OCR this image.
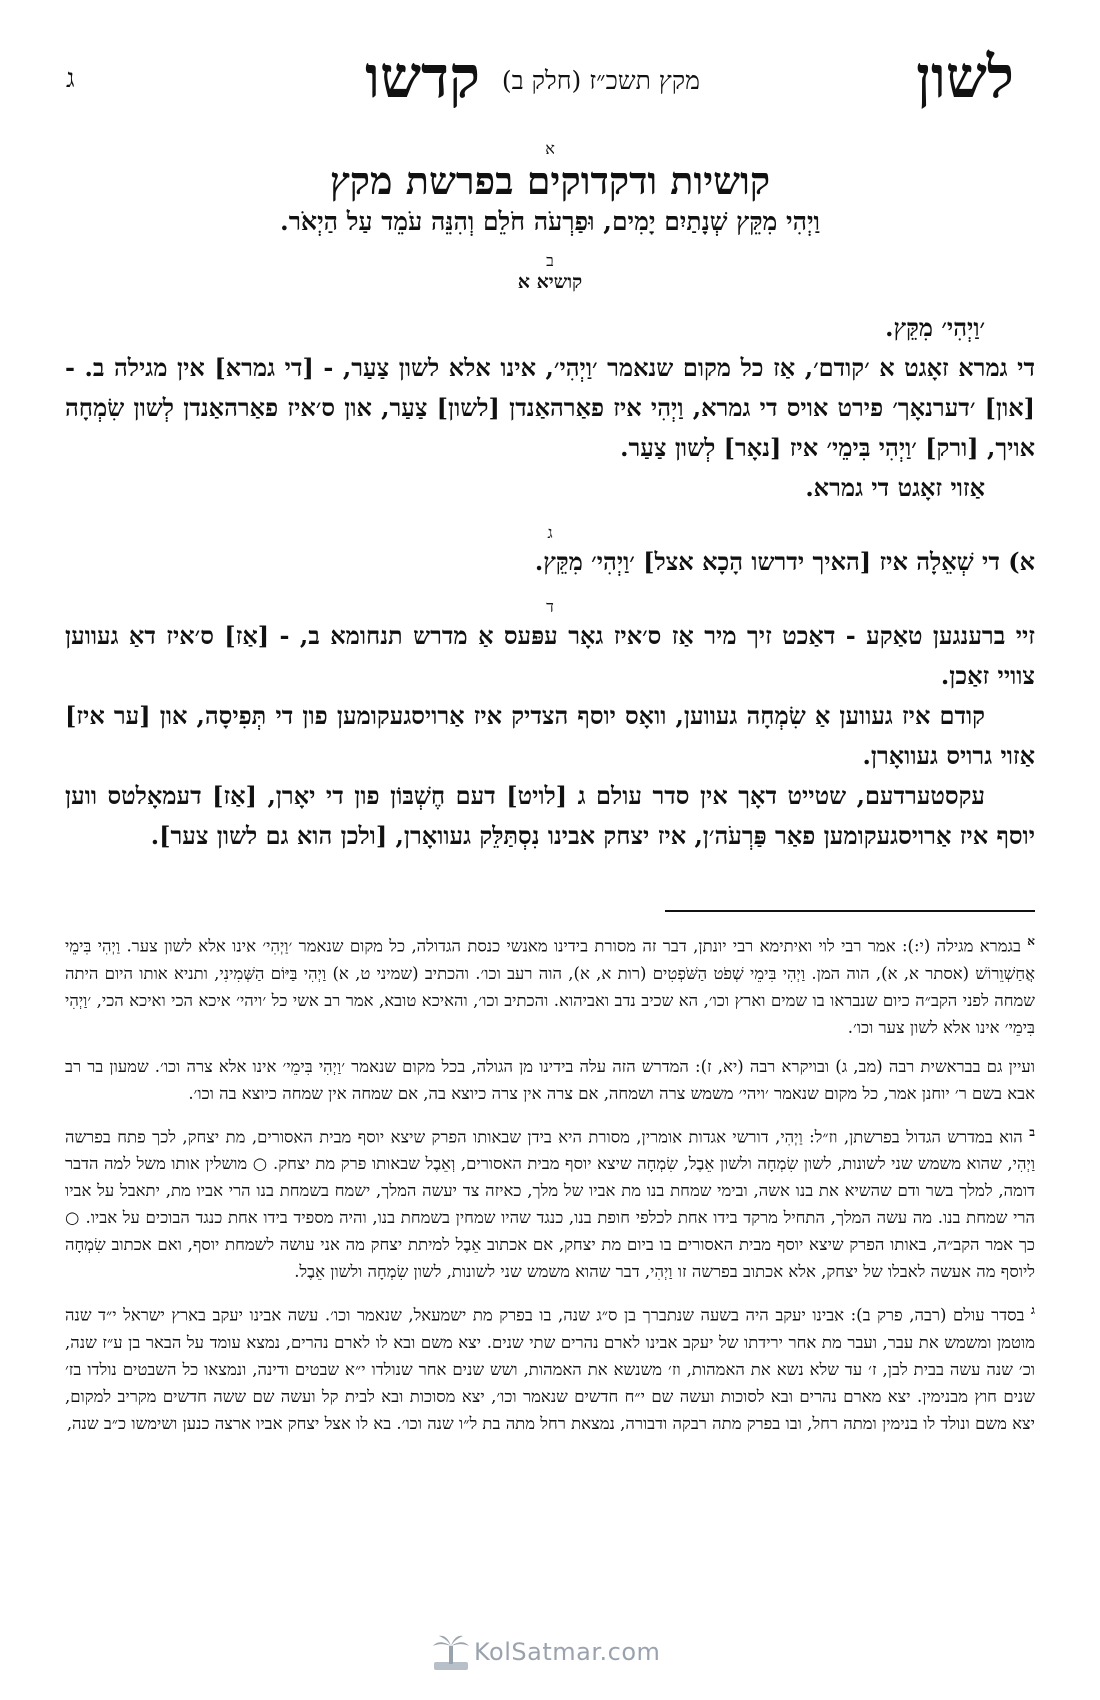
לשון
מקץ תשכ״ז (חלק ב)
קדשו
ג

א

קושיות ודקדוקים בפרשת מקץ

וַיְהִי מִקֵּץ שְׁנָתַיִם יָמִים, וּפַרְעֹה חֹלֵם וְהִנֵּה עֹמֵד עַל הַיְאֹר.

ב

קושיא א

׳וַיְהִי׳ מִקֵּץ.

די גמרא זאָגט א ׳קודם׳, אַז כל מקום שנאמר ׳וַיְהִי׳, אינו אלא לשון צַעַר, - [די גמרא] אין מגילה ב. - [און] ׳דערנאָך׳ פירט אויס די גמרא, וַיְהִי איז פאַרהאַנדן [לשון] צַעַר, און ס׳איז פאַרהאַנדן לְשון שִׂמְחָה אויך, [ורק] ׳וַיְהִי בִּימֵי׳ איז [נאָר] לְשון צַעַר.

אַזוי זאָגט די גמרא.

ג

א) די שְׁאֵלָה איז [האיך ידרשו הָכָא אצל] ׳וַיְהִי׳ מִקֵּץ.

ד

זיי ברענגען טאַקע - דאַכט זיך מיר אַז ס׳איז גאָר עפּעס אַ מדרש תנחומא ב, - [אַז] ס׳איז דאַ געווען צוויי זאַכן.

קודם איז געווען אַ שִׂמְחָה געווען, וואָס יוסף הצדיק איז אַרויסגעקומען פון די תְּפִיסָה, און [ער איז] אַזוי גרויס געוואָרן.

עקסטערדעם, שטייט דאָך אין סדר עולם ג [לויט] דעם חֶשְׁבּוֹן פון די יאָרן, [אַז] דעמאָלטס ווען יוסף איז אַרויסגעקומען פאַר פַּרְעֹה׳ן, איז יצחק אבינו נִסְתַּלֵּק געוואָרן, [ולכן הוא גם לשון צער].

$^א$ בגמרא מגילה (י:): אמר רבי לוי ואיתימא רבי יונתן, דבר זה מסורת בידינו מאנשי כנסת הגדולה, כל מקום שנאמר ׳וַיְהִי׳ אינו אלא לשון צער. וַיְהִי בִּימֵי אֲחַשְׁוֵרוֹשׁ (אסתר א, א), הוה המן. וַיְהִי בִּימֵי שְׁפֹט הַשֹּׁפְטִים (רות א, א), הוה רעב וכו׳. והכתיב (שמיני ט, א) וַיְהִי בַּיּוֹם הַשְּׁמִינִי, ותניא אותו היום היתה שמחה לפני הקב״ה כיום שנבראו בו שמים וארץ וכו׳, הא שכיב נדב ואביהוא. והכתיב וכו׳, והאיכא טובא, אמר רב אשי כל ׳ויהי׳ איכא הכי ואיכא הכי, ׳וַיְהִי בִּימֵי׳ אינו אלא לשון צער וכו׳.

ועיין גם בבראשית רבה (מב, ג) ובויקרא רבה (יא, ז): המדרש הזה עלה בידינו מן הגולה, בכל מקום שנאמר ׳וַיְהִי בִּימֵי׳ אינו אלא צרה וכו׳. שמעון בר רב אבא בשם ר׳ יוחנן אמר, כל מקום שנאמר ׳ויהי׳ משמש צרה ושמחה, אם צרה אין צרה כיוצא בה, אם שמחה אין שמחה כיוצא בה וכו׳.

$^ב$ הוא במדרש הגדול בפרשתן, וז״ל: וַיְהִי, דורשי אגדות אומרין, מסורת היא בידן שבאותו הפרק שיצא יוסף מבית האסורים, מת יצחק, לכך פתח בפרשה וַיְהִי, שהוא משמש שני לשונות, לשון שִׂמְחָה ולשון אֵבֶל, שִׂמְחָה שיצא יוסף מבית האסורים, וְאֵבֶל שבאותו פרק מת יצחק. ○ מושלין אותו משל למה הדבר דומה, למלך בשר ודם שהשיא את בנו אשה, ובימי שמחת בנו מת אביו של מלך, כאיזה צד יעשה המלך, ישמח בשמחת בנו הרי אביו מת, יתאבל על אביו הרי שמחת בנו. מה עשה המלך, התחיל מרקד בידו אחת לכלפי חופת בנו, כנגד שהיו שמחין בשמחת בנו, והיה מספיד בידו אחת כנגד הבוכים על אביו. ○ כך אמר הקב״ה, באותו הפרק שיצא יוסף מבית האסורים בו ביום מת יצחק, אם אכתוב אֵבֶל למיתת יצחק מה אני עושה לשמחת יוסף, ואם אכתוב שִׂמְחָה ליוסף מה אעשה לאבלו של יצחק, אלא אכתוב בפרשה זו וַיְהִי, דבר שהוא משמש שני לשונות, לשון שִׂמְחָה ולשון אֵבֶל.

$^ג$ בסדר עולם (רבה, פרק ב): אבינו יעקב היה בשעה שנתברך בן ס״ג שנה, בו בפרק מת ישמעאל, שנאמר וכו׳. עשה אבינו יעקב בארץ ישראל י״ד שנה מוטמן ומשמש את עבר, ועבר מת אחר ירידתו של יעקב אבינו לארם נהרים שתי שנים. יצא משם ובא לו לארם נהרים, נמצא עומד על הבאר בן ע״ז שנה, וכ׳ שנה עשה בבית לבן, ז׳ עד שלא נשא את האמהות, וז׳ משנשא את האמהות, ושש שנים אחר שנולדו י״א שבטים ודינה, ונמצאו כל השבטים נולדו בז׳ שנים חוץ מבנימין. יצא מארם נהרים ובא לסוכות ועשה שם י״ח חדשים שנאמר וכו׳, יצא מסוכות ובא לבית קל ועשה שם ששה חדשים מקריב למקום, יצא משם ונולד לו בנימין ומתה רחל, ובו בפרק מתה רבקה ודבורה, נמצאת רחל מתה בת ל״ו שנה וכו׳. בא לו אצל יצחק אביו ארצה כנען ושימשו כ״ב שנה,

KolSatmar.com
